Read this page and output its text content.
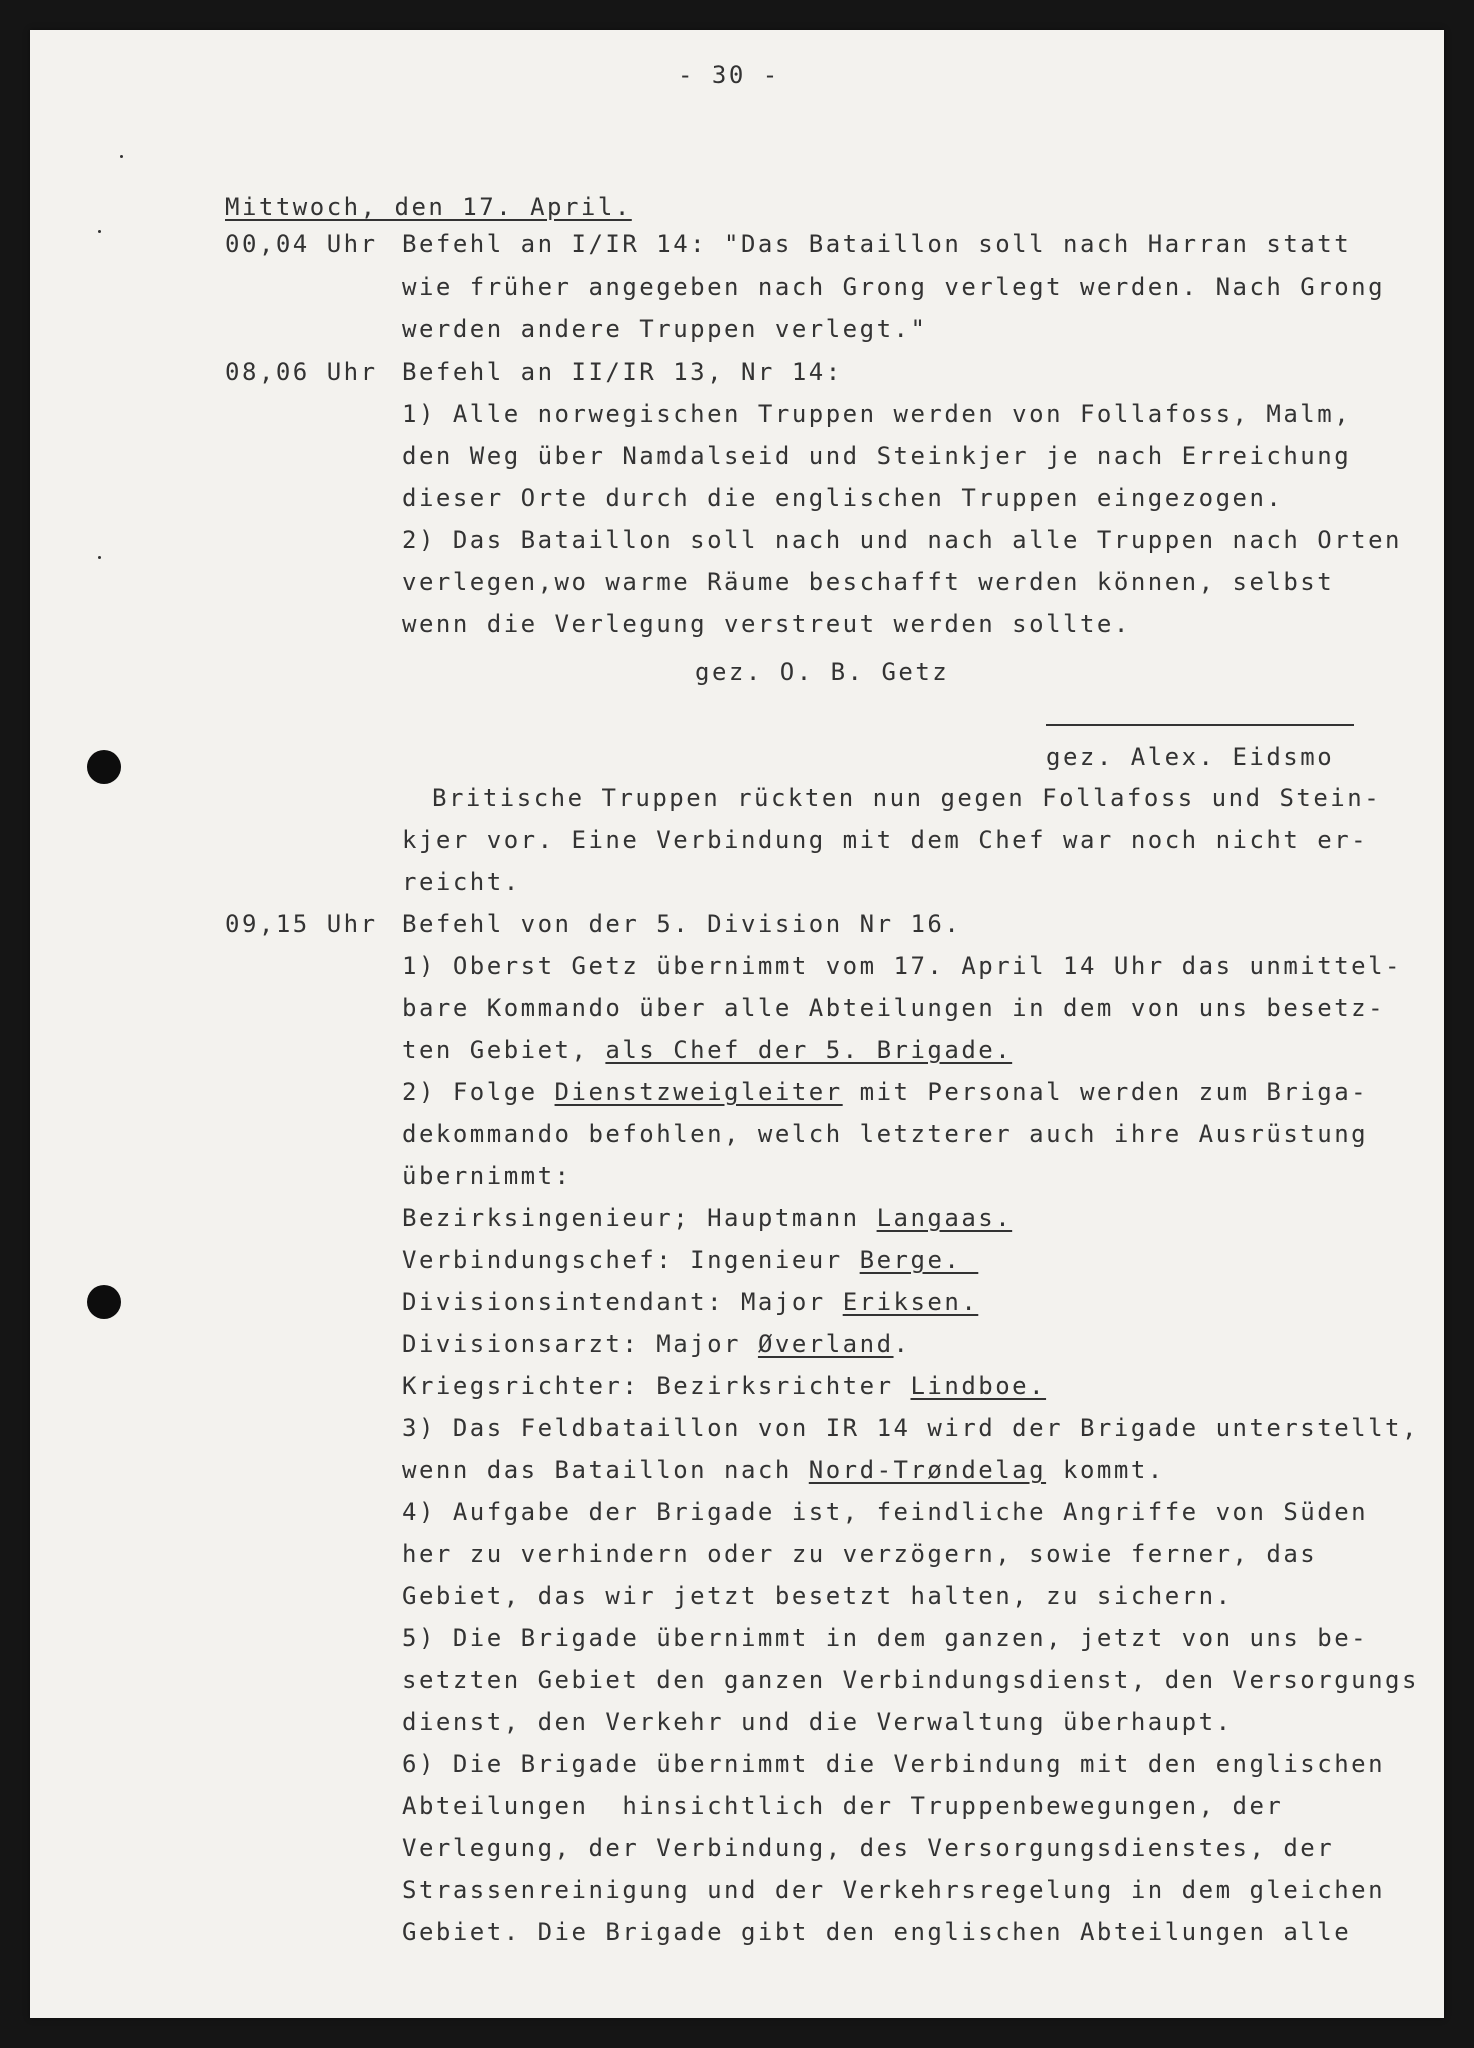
- 30 -
Mittwoch, den 17. April.
00,04 Uhr Befehl an I/IR 14: "Das Bataillon soll nach Harran statt
wie früher angegeben nach Grong verlegt werden. Nach Grong
werden andere Truppen verlegt."
08,06 Uhr Befehl an II/IR 13, Nr 14:
1) Alle norwegischen Truppen werden von Follafoss, Malm,
den Weg über Namdalseid und Steinkjer je nach Erreichung
dieser Orte durch die englischen Truppen eingezogen.
2) Das Bataillon soll nach und nach alle Truppen nach Orten
verlegen,wo warme Räume beschafft werden können, selbst
wenn die Verlegung verstreut werden sollte.
gez. O. B. Getz
gez. Alex. Eidsmo
Britische Truppen rückten nun gegen Follafoss und Stein-
kjer vor. Eine Verbindung mit dem Chef war noch nicht er-
reicht.
09,15 Uhr Befehl von der 5. Division Nr 16.
1) Oberst Getz übernimmt vom 17. April 14 Uhr das unmittel-
bare Kommando über alle Abteilungen in dem von uns besetz-
ten Gebiet, als Chef der 5. Brigade.
2) Folge Dienstzweigleiter mit Personal werden zum Briga-
dekommando befohlen, welch letzterer auch ihre Ausrüstung
übernimmt:
Bezirksingenieur; Hauptmann Langaas.
Verbindungschef: Ingenieur Berge.
Divisionsintendant: Major Eriksen.
Divisionsarzt: Major Øverland.
Kriegsrichter: Bezirksrichter Lindboe.
3) Das Feldbataillon von IR 14 wird der Brigade unterstellt,
wenn das Bataillon nach Nord-Trøndelag kommt.
4) Aufgabe der Brigade ist, feindliche Angriffe von Süden
her zu verhindern oder zu verzögern, sowie ferner, das
Gebiet, das wir jetzt besetzt halten, zu sichern.
5) Die Brigade übernimmt in dem ganzen, jetzt von uns be-
setzten Gebiet den ganzen Verbindungsdienst, den Versorgungs
dienst, den Verkehr und die Verwaltung überhaupt.
6) Die Brigade übernimmt die Verbindung mit den englischen
Abteilungen  hinsichtlich der Truppenbewegungen, der
Verlegung, der Verbindung, des Versorgungsdienstes, der
Strassenreinigung und der Verkehrsregelung in dem gleichen
Gebiet. Die Brigade gibt den englischen Abteilungen alle
